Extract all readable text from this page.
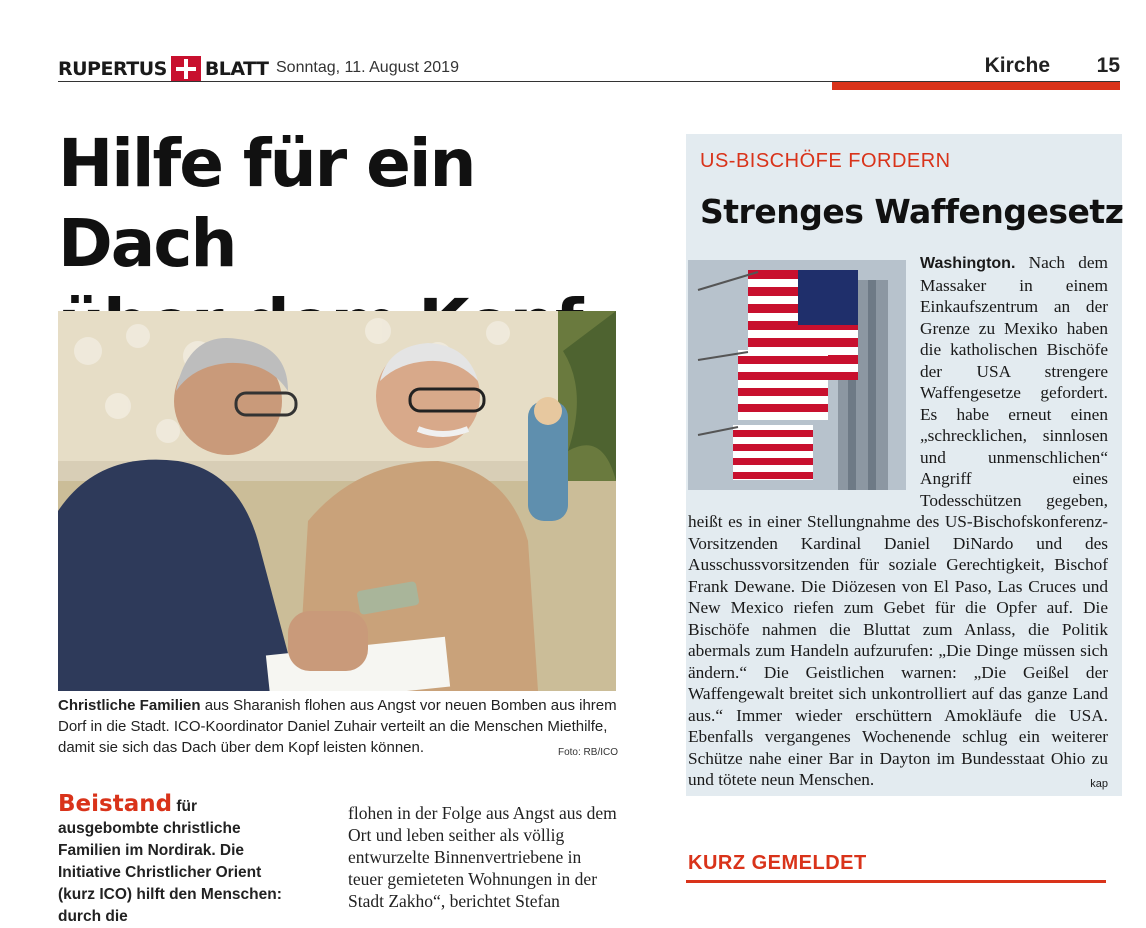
RUPERTUS BLATT Sonntag, 11. August 2019	Kirche 15
Hilfe für ein Dach

Christliche Familien aus Sharanish flohen aus Angst vor neuen Bomben aus ihrem Dorf in die Stadt. ICO-Koordinator Daniel Zuhair verteilt an die Menschen Miethilfe, damit sie sich das Dach über dem Kopf leisten können.	Foto: RB/ICO
Beistand für ausgebombte christliche Familien im Nordirak. Die Initiative Christlicher Orient (kurz ICO) hilft den Menschen: durch die
flohen in der Folge aus Angst aus dem Ort und leben seither als völlig entwurzelte Binnenvertriebene in teuer gemieteten Wohnungen in der Stadt Zakho“, berichtet Stefan
US-BISCHÖFE FORDERN
Strenges Waffengesetz
Washington. Nach dem Massaker in einem Einkaufszentrum an der Grenze zu Mexiko haben die katholischen Bischöfe der USA strengere Waffengesetze gefordert. Es habe erneut einen „schrecklichen, sinnlosen und unmenschlichen“ Angriff eines Todesschützen gegeben, heißt es in einer Stellungnahme des US-Bischofskonferenz-Vorsitzenden Kardinal Daniel DiNardo und des Ausschussvorsitzenden für soziale Gerechtigkeit, Bischof Frank Dewane. Die Diözesen von El Paso, Las Cruces und New Mexico riefen zum Gebet für die Opfer auf. Die Bischöfe nahmen die Bluttat zum Anlass, die Politik abermals zum Handeln aufzurufen: „Die Dinge müssen sich ändern.“ Die Geistlichen warnen: „Die Geißel der Waffengewalt breitet sich unkontrolliert auf das ganze Land aus.“ Immer wieder erschüttern Amokläufe die USA. Ebenfalls vergangenes Wochenende schlug ein weiterer Schütze nahe einer Bar in Dayton im Bundesstaat Ohio zu und tötete neun Menschen.	kap
KURZ GEMELDET
